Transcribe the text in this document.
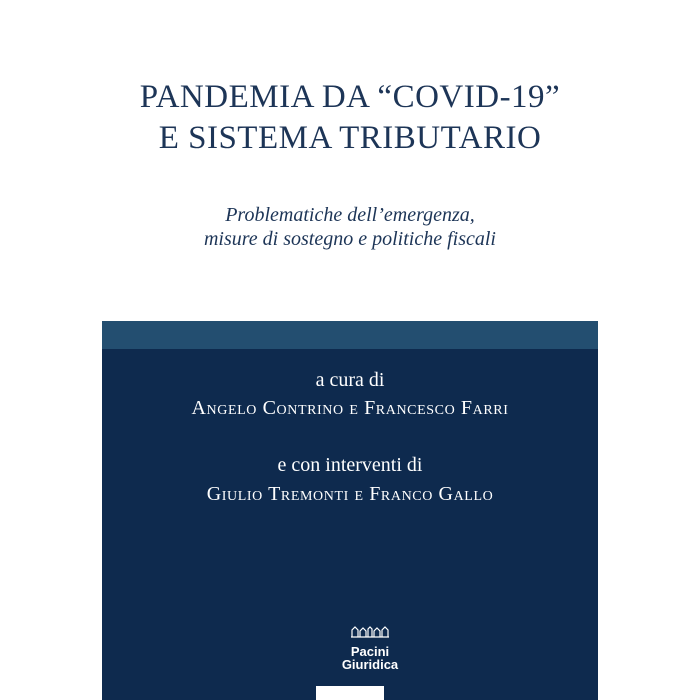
PANDEMIA DA “COVID-19”
E SISTEMA TRIBUTARIO
Problematiche dell’emergenza,
misure di sostegno e politiche fiscali
a cura di
Angelo Contrino e Francesco Farri
e con interventi di
Giulio Tremonti e Franco Gallo
Pacini
Giuridica
